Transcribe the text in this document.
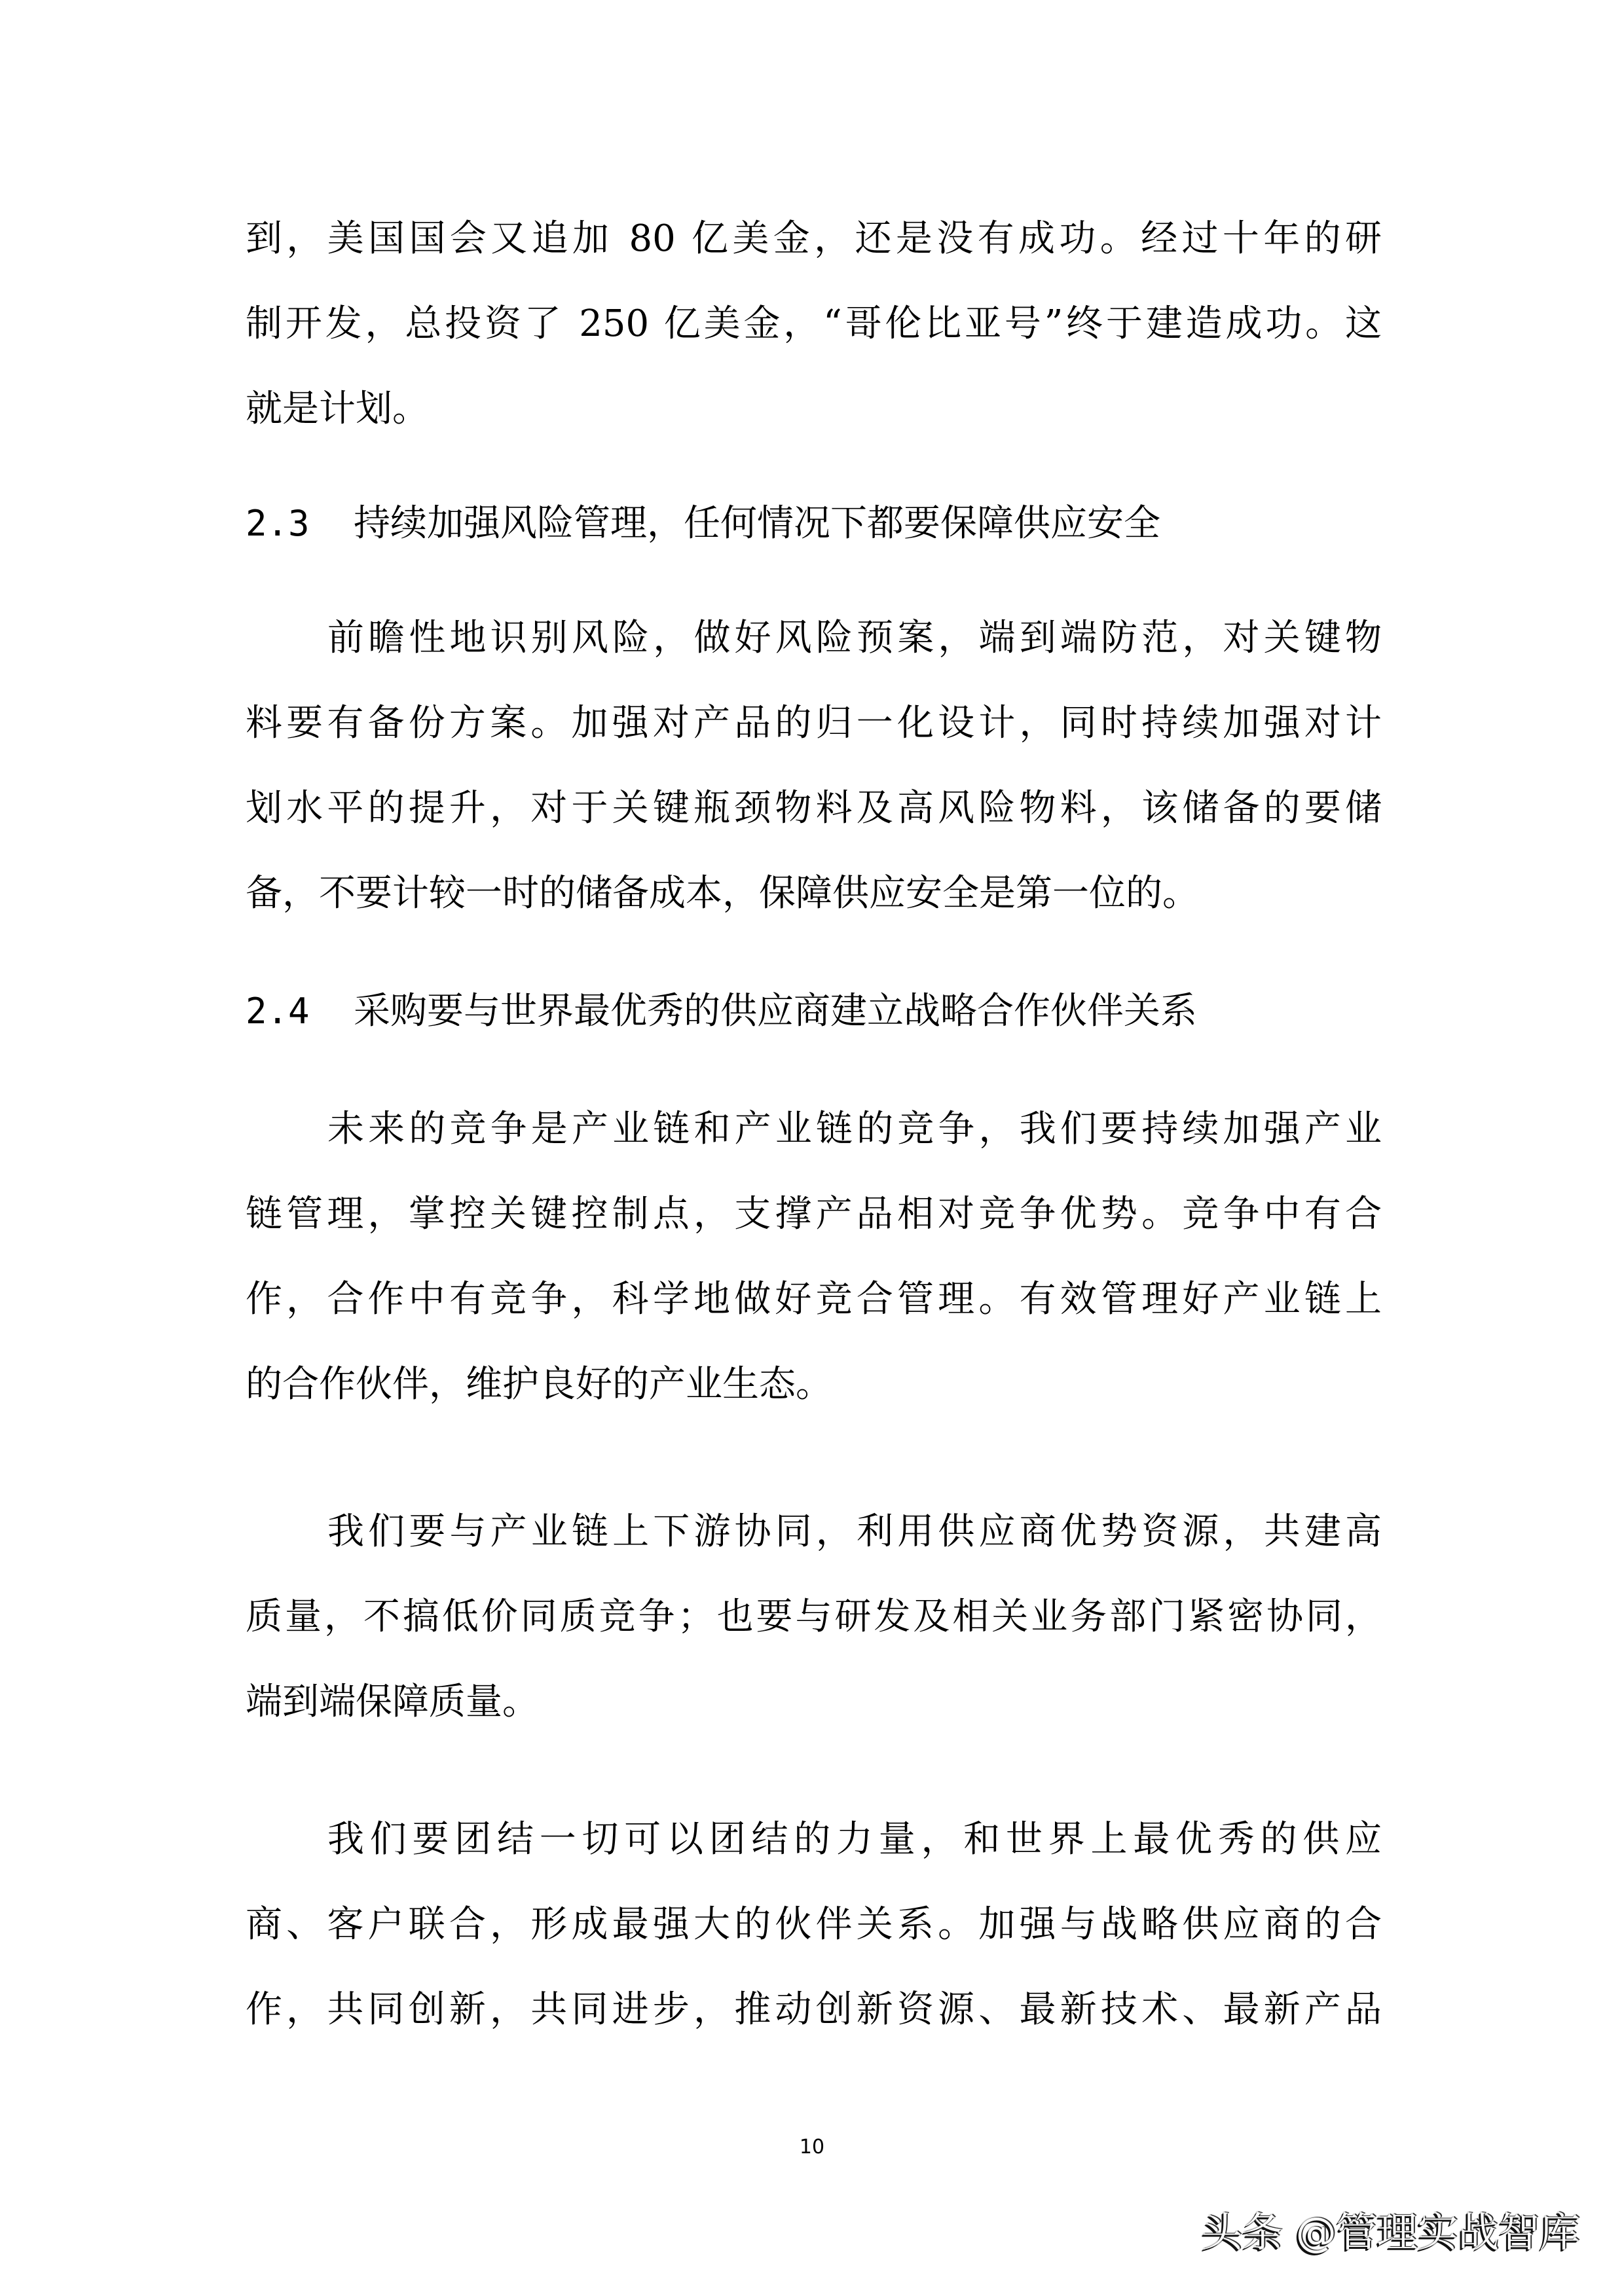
到，美国国会又追加 80 亿美金，还是没有成功。经过十年的研
制开发，总投资了 250 亿美金，“哥伦比亚号”终于建造成功。这
就是计划。
2.3 持续加强风险管理，任何情况下都要保障供应安全
前瞻性地识别风险，做好风险预案，端到端防范，对关键物
料要有备份方案。加强对产品的归一化设计，同时持续加强对计
划水平的提升，对于关键瓶颈物料及高风险物料，该储备的要储
备，不要计较一时的储备成本，保障供应安全是第一位的。
2.4 采购要与世界最优秀的供应商建立战略合作伙伴关系
未来的竞争是产业链和产业链的竞争，我们要持续加强产业
链管理，掌控关键控制点，支撑产品相对竞争优势。竞争中有合
作，合作中有竞争，科学地做好竞合管理。有效管理好产业链上
的合作伙伴，维护良好的产业生态。
我们要与产业链上下游协同，利用供应商优势资源，共建高
质量，不搞低价同质竞争；也要与研发及相关业务部门紧密协同，
端到端保障质量。
我们要团结一切可以团结的力量，和世界上最优秀的供应
商、客户联合，形成最强大的伙伴关系。加强与战略供应商的合
作，共同创新，共同进步，推动创新资源、最新技术、最新产品
10
头条 @管理实战智库
